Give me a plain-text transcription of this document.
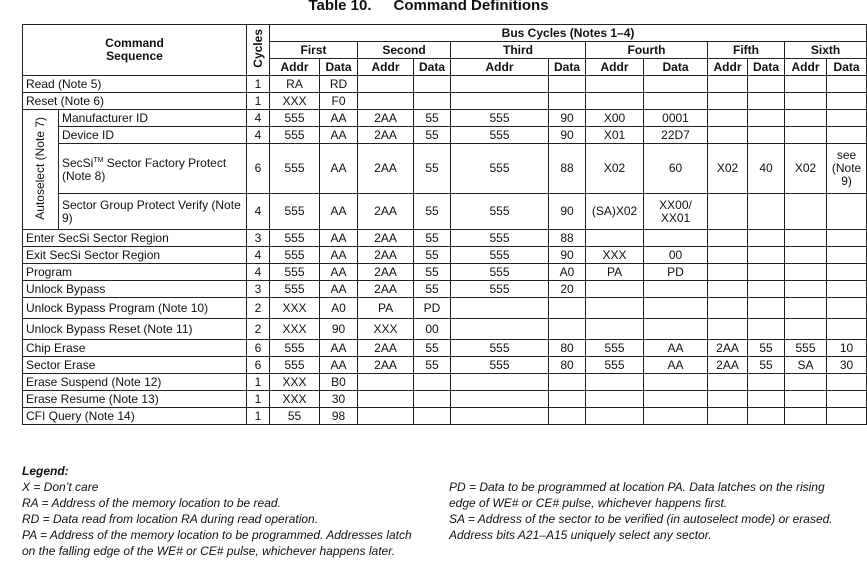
Table 10. Command Definitions
Command Sequence		Cycles	Bus Cycles (Notes 1–4)											
			First		Second		Third		Fourth		Fifth		Sixth	
			Addr	Data	Addr	Data	Addr	Data	Addr	Data	Addr	Data	Addr	Data
Read (Note 5)		1	RA	RD										
Reset (Note 6)		1	XXX	F0										
Autoselect (Note 7)	Manufacturer ID	4	555	AA	2AA	55	555	90	X00	0001				
	Device ID	4	555	AA	2AA	55	555	90	X01	22D7				
	SecSi™ Sector Factory Protect (Note 8)	6	555	AA	2AA	55	555	88	X02	60	X02	40	X02	see (Note 9)
	Sector Group Protect Verify (Note 9)	4	555	AA	2AA	55	555	90	(SA)X02	XX00/ XX01				
Enter SecSi Sector Region		3	555	AA	2AA	55	555	88						
Exit SecSi Sector Region		4	555	AA	2AA	55	555	90	XXX	00				
Program		4	555	AA	2AA	55	555	A0	PA	PD				
Unlock Bypass		3	555	AA	2AA	55	555	20						
Unlock Bypass Program (Note 10)		2	XXX	A0	PA	PD								
Unlock Bypass Reset (Note 11)		2	XXX	90	XXX	00								
Chip Erase		6	555	AA	2AA	55	555	80	555	AA	2AA	55	555	10
Sector Erase		6	555	AA	2AA	55	555	80	555	AA	2AA	55	SA	30
Erase Suspend (Note 12)		1	XXX	B0										
Erase Resume (Note 13)		1	XXX	30										
CFI Query (Note 14)		1	55	98										
Legend:
X = Don’t care
RA = Address of the memory location to be read.
RD = Data read from location RA during read operation.
PA = Address of the memory location to be programmed. Addresses latch on the falling edge of the WE# or CE# pulse, whichever happens later.
PD = Data to be programmed at location PA. Data latches on the rising edge of WE# or CE# pulse, whichever happens first.
SA = Address of the sector to be verified (in autoselect mode) or erased. Address bits A21–A15 uniquely select any sector.
